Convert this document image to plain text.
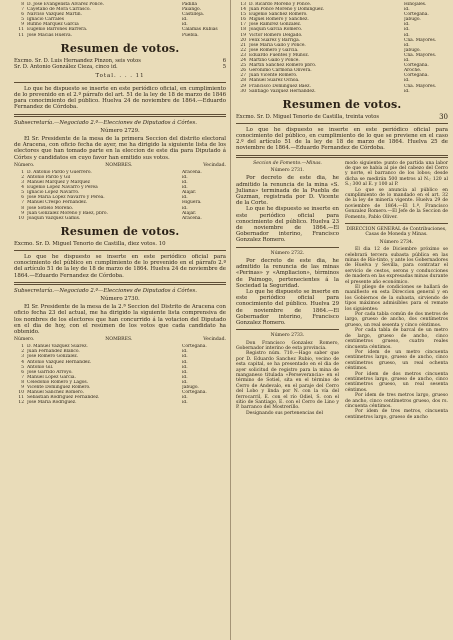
8 D. José Evangelista Álvarez Ponce.	Padilla
7 Cayetano de Mora Carrasco.	Paiango.
6 Narciso Vázquez Martín.	Castilleja.
5 Ignacio Carrales	id.
9 Rufino Márquez García	id.
11 Eugenio Barrones Barrera.	Calamas Rubias
11 José Macias Huelva.	Puebla.
Resumen de votos.
Excmo. Sr. D. Luis Hernandez Pinzon, seis votos	6
Sr. D. Antonio González Cieza, cinco id.	5
Total. . . . 11

Lo que he dispuesto se inserte en este periódico oficial, en cumplimiento de lo prevenido en el 2.º párrafo del art. 51 de la ley de 18 de marzo de 1846 para conocimiento del público. Huelva 24 de noviembre de 1864.—Eduardo Fernandez de Córdoba.

Subsecretaría.—Negociado 2.º—Elecciones de Diputados á Córtes.

Número 2729.

El Sr. Presidente de la mesa de la primera Seccion del distrito electoral de Aracena, con oficio fecha de ayer, me ha dirigido la siguiente lista de los electores que han tomado parte en la eleccion de este dia para Diputado á Córtes y candidatos en cuyo favor han emitido sus votos.

Número.	NOMBRES.	Vecindad.
1 D. Antonio Pardo y Guerrero.	Aracena.
2 Antonio Pardo y Gil	id.
3 Manuel Marquez y Marquez	id.
4 Eugenio López Navarro y Perea	id.
5 Ignacio López Navarro.	Alájar.
6 José María López Navarro y Perea.	id.
7 Manuel Crespo Fernandez.	Higuera.
8 José Sotlelo Moreno.	id.
9 Juan González Moreno y Báez, pbro.	Alájar.
10 Joaquín Vázquez Gamis.	Aracena.
Resumen de votos.

Excmo. Sr. D. Miguel Tenorio de Castilla, diez votos. 10

Lo que he dispuesto se inserte en este periódico oficial para conocimiento del público en cumplimiento de lo prevenido en el párrafo 2.º del artículo 51 de la ley de 18 de marzo de 1864. Huelva 24 de noviembre de 1864.—Eduardo Fernandez de Córdoba.

Subsecretaría.—Negociado 2.º—Elecciones de Diputados á Córtes.

Número 2730.

El Sr. Presidente de la mesa de la 2.ª Seccion del Distrito de Aracena con oficio fecha 23 del actual, me ha dirigido la siguiente lista comprensiva de los nombres de los electores que han concurrido á la votacion del Diputado en el dia de hoy, con el resúmen de los votos que cada candidato ha obtenido.

Número.	NOMBRES.	Vecindad.
1 D. Manuel Vázquez Suarez.	Cortegana.
2 Juan Fernandez Blanco.	id.
3 José Romero González.	id.
4 Antonio Vázquez Hernández.	id.
5 Antonio Gil.	id.
6 José Garrido Arroyo.	id.
7 Manuel Lopez García.	id.
8 Celedonio Romero y Lagos.	id.
9 Vicente Domínguez Romero.	Jabugo.
10 Manuel Sanchez Romero.	Cortegana.
11 Sebastian Rodríguez Fernandez.	id.
12 José María Rodríguez.	id.
13 D. Ricardo Moreno y Ponce.	Hinojales.
14 Juan Ponce Moreno y Domínguez.	id.
15 Eugenio Sanchez Romero.	Cortegana.
16 Miguel Romero y Sanchez.	Jabugo.
17 José Ramírez González.	id.
18 Joaquín García Romero.	id.
19 Victor Romero Delgado.	id.
20 Félix Suarez y Barriga.	Cña. Mayores.
21 José María Gallo y Ponce.	id.
22 José Romero y García.	Jabugo.
23 Eduardo Fuentes y Muñoz.	Cña. Mayores.
24 Martino Gallo y Ponce.	id.
25 Martin Sanchez Romero pbro.	Cortegana.
26 Gerónimo Carmona Olivera.	Aroche.
27 Juan Vicente Romero.	Cortegana.
28 Manuel Suárez Ochoa.	id.
29 Francisco Dominguez Baez.	Cña. Mayores.
30 Santiago Vázquez Hernandez.	id.
Resumen de votos.
Excmo. Sr. D. Miguel Tenorio de Castilla, treinta votos	30

Lo que he dispuesto se inserte en este periódico oficial para conocimiento del público, en cumplimiento de lo que se previene en el caso 2.º del artículo 51 de la ley de 18 de marzo de 1864. Huelva 25 de noviembre de 1864.—Eduardo Fernandez de Córdoba.

Seccion de Fomento.—Minas.

Número 2731.

Por decreto de este dia, he admitido la renuncia de la mina «S. Juliana» terminada de la Puebla de Guzman, registrada por D. Vicente de la Corte.

Lo que he dispuesto se inserte en este periódico oficial para conocimiento del público. Huelva 23 de noviembre de 1864.—El Gobernador interino, Francisco Gonzalez Romero.

Número 2732.

Por decreto de este dia, he admitido la renuncia de las minas «Perinas» y «Ampliacion», términos de Paimogo, pertenecientes á la Sociedad la Seguridad.

Lo que he dispuesto se inserte en este periódico oficial para conocimiento del público. Huelva 29 de noviembre de 1864.—El Gobernador interino, Francisco Gonzalez Romero.

Número 2733.

Don Francisco Gonzalez Romero, Gobernador interino de esta provincia.

Registro núm. 710.—Hago saber que por D. Eduardo Sanchez Rubio, vecino de esta capital, se ha presentado en el dia de ayer solicitud de registro para la mina de manganeso titulada «Perseverancia» en el término de Sotiel, sita en el término de Cerro de Andevalo, en el paraje del Cerro del Lobo y linda por N. con la vía del ferrocarril, E. con el río Odiel, S. con el sitio de Santiago, E. con el Cerro de Lino y P. barranco del Mostrerillo.

Designando sus pertenencias del

modo siguiente: punto de partida una labor de que se había al pie del cabezo del Cerro y norte, el barranco de los lobos; desde dicha se medirán 500 metros al N.; 120 al S.; 300 al E. y 100 al P.

Lo que se anuncia al público en cumplimiento de lo mandado en el art. 32 de la ley de minería vigente. Huelva 29 de noviembre de 1864.—El 1.º, Francisco Gonzalez Romero.—El Jefe de la Seccion de Fomento, Pablo Oliver.

DIRECCION GENERAL de Contribuciones, Casas de Moneda y Minas.

Número 2734.

El dia 12 de Diciembre próximo se celebrará tercera subasta pública en las minas de Río-tinto, y ante los Gobernadores de Huelva y Sevilla, para contratar el servicio de cestos, serons y conducciones de madera en las expresadas minas durante el presente año económico.

El pliego de condiciones se hallará de manifiesto en esta Direccion general y en los Gobiernos de la subasta, sirviendo de tipos máximos admisibles para el remate los siguientes:

Por cada tabla común de dos metros de largo, grueso de ancho, dos centímetros grueso, un real sesenta y cinco céntimos.

Por cada tabla de barcal de un metro de largo, grueso de ancho, cinco centímetros grueso, cuatro reales cincuenta céntimos.

Por idem de un metro cincuenta centímetros largo, grueso de ancho, cinco centímetros grueso, un real ochenta céntimos.

Por idem de dos metros cincuenta centímetros largo, grueso de ancho, cinco centímetros grueso, un real sesenta céntimos.

Por idem de tres metros largo, grueso de ancho, cinco centímetros grueso, dos rs. cincuenta céntimos.

Por idem de tres metros, cincuenta centímetros largo, grueso de ancho
